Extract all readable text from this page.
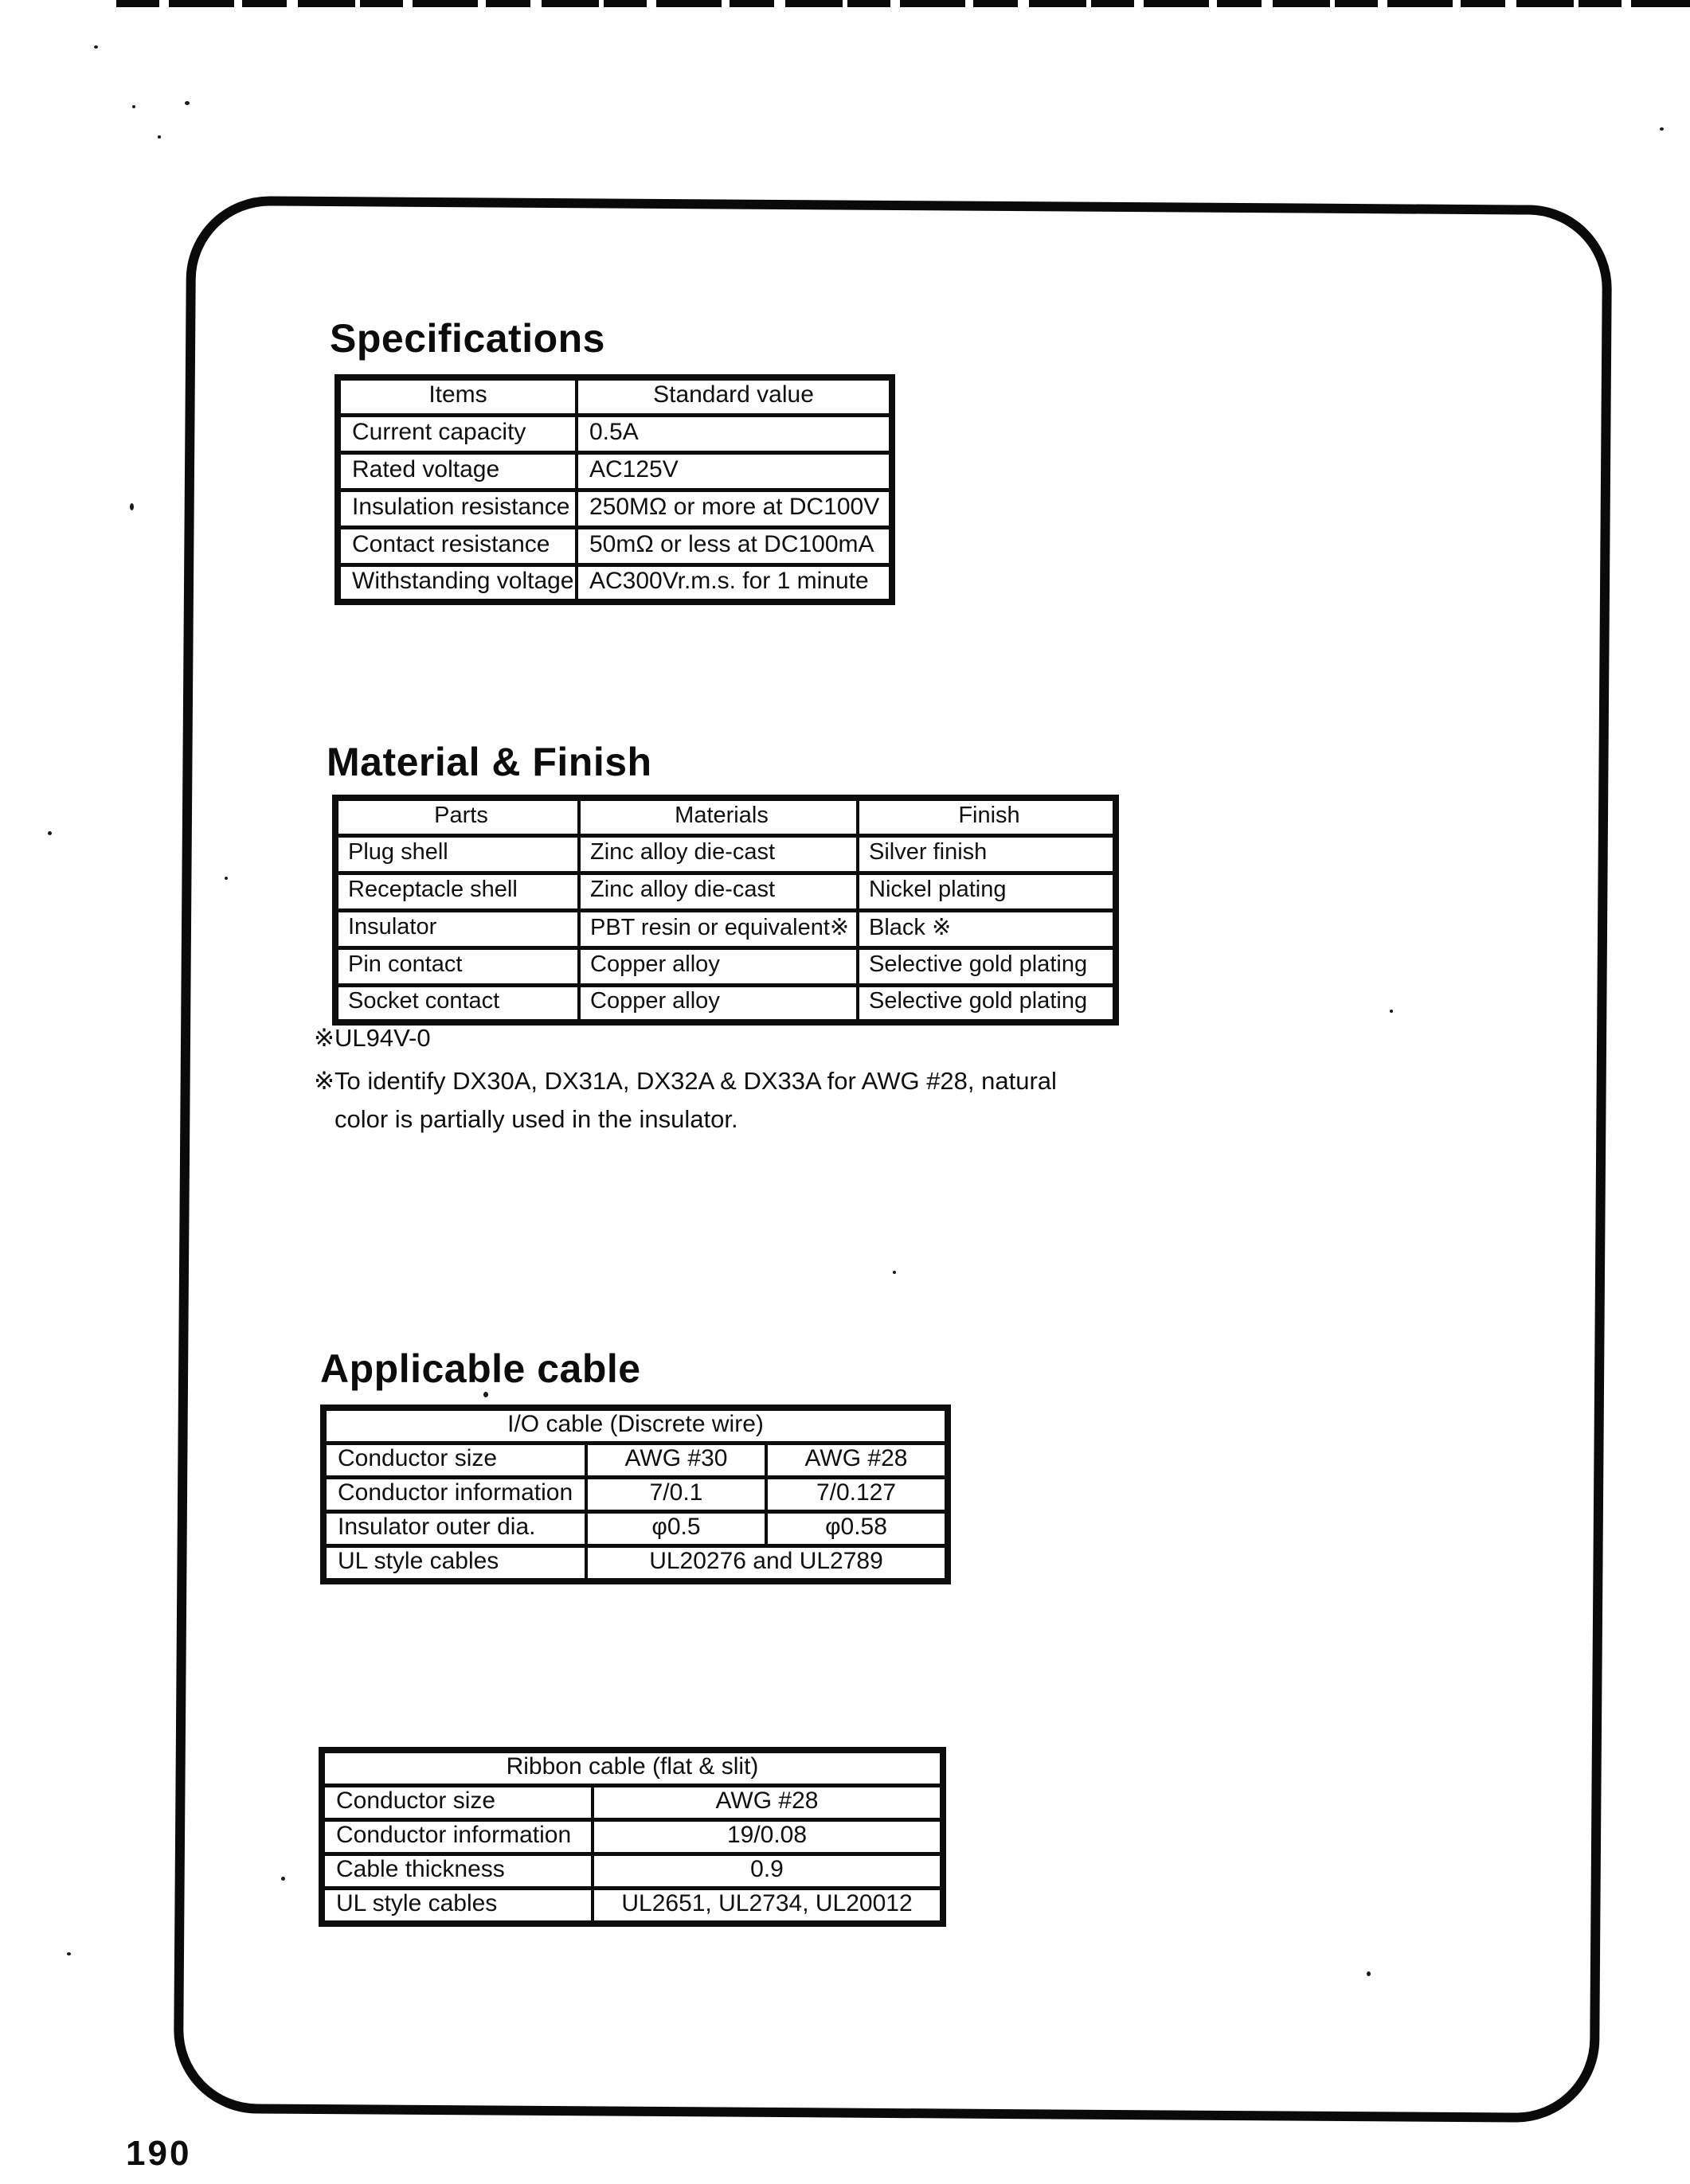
Specifications
Items	Standard value
Current capacity	0.5A
Rated voltage	AC125V
Insulation resistance	250MΩ or more at DC100V
Contact resistance	50mΩ or less at DC100mA
Withstanding voltage	AC300Vr.m.s. for 1 minute
Material & Finish
Parts	Materials	Finish
Plug shell	Zinc alloy die-cast	Silver finish
Receptacle shell	Zinc alloy die-cast	Nickel plating
Insulator	PBT resin or equivalent※	Black ※
Pin contact	Copper alloy	Selective gold plating
Socket contact	Copper alloy	Selective gold plating
※UL94V-0
※To identify DX30A, DX31A, DX32A & DX33A for AWG #28, natural
color is partially used in the insulator.
Applicable cable
I/O cable (Discrete wire)		
Conductor size	AWG #30	AWG #28
Conductor information	7/0.1	7/0.127
Insulator outer dia.	φ0.5	φ0.58
UL style cables	UL20276 and UL2789	
Ribbon cable (flat & slit)	
Conductor size	AWG #28
Conductor information	19/0.08
Cable thickness	0.9
UL style cables	UL2651, UL2734, UL20012
190
